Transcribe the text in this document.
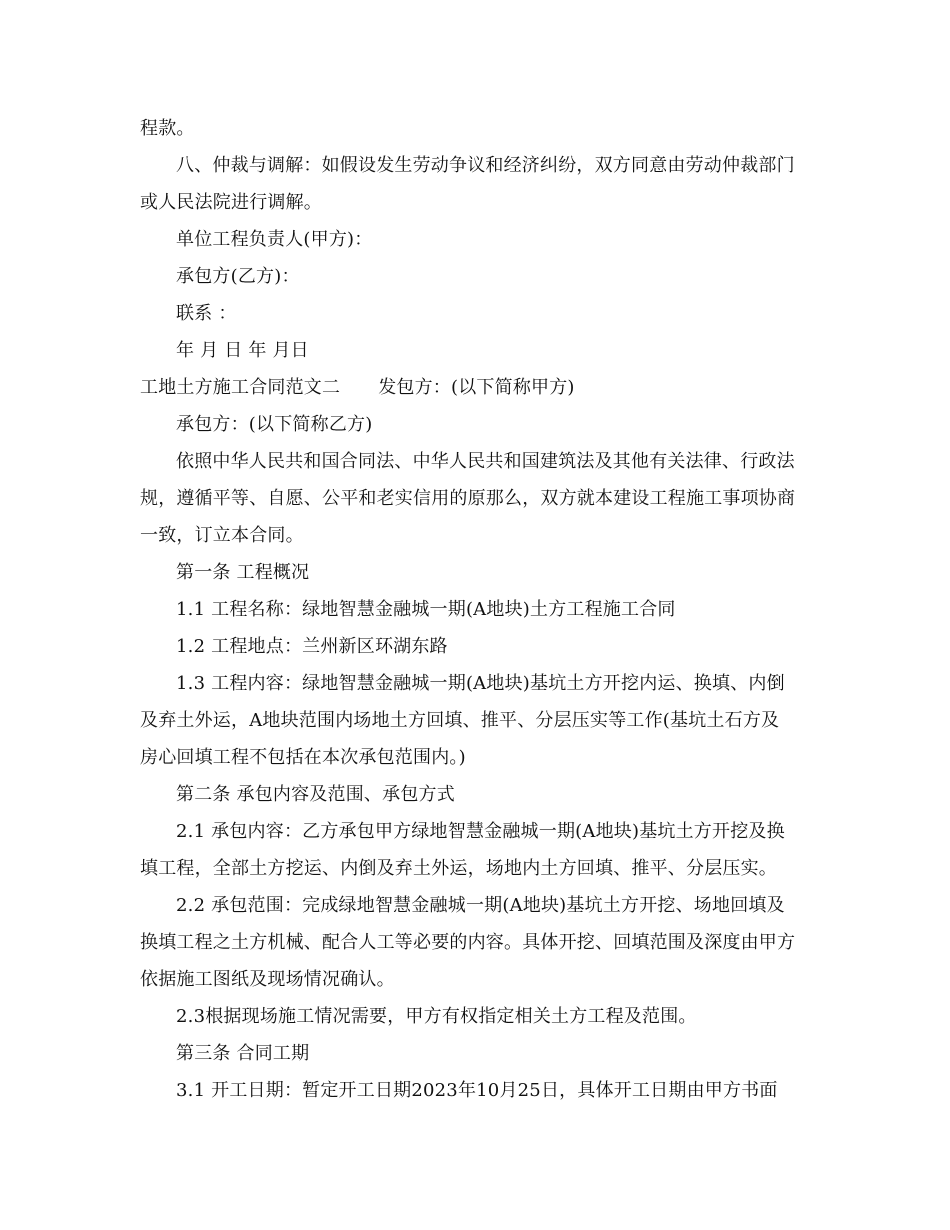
程款。
八、仲裁与调解：如假设发生劳动争议和经济纠纷，双方同意由劳动仲裁部门
或人民法院进行调解。
单位工程负责人(甲方)：
承包方(乙方)：
联系 ：
年 月 日 年 月日
工地土方施工合同范文二 发包方：(以下简称甲方)
承包方：(以下简称乙方)
依照中华人民共和国合同法、中华人民共和国建筑法及其他有关法律、行政法
规，遵循平等、自愿、公平和老实信用的原那么，双方就本建设工程施工事项协商
一致，订立本合同。
第一条 工程概况
1.1 工程名称：绿地智慧金融城一期(A地块)土方工程施工合同
1.2 工程地点：兰州新区环湖东路
1.3 工程内容：绿地智慧金融城一期(A地块)基坑土方开挖内运、换填、内倒
及弃土外运，A地块范围内场地土方回填、推平、分层压实等工作(基坑土石方及
房心回填工程不包括在本次承包范围内。)
第二条 承包内容及范围、承包方式
2.1 承包内容：乙方承包甲方绿地智慧金融城一期(A地块)基坑土方开挖及换
填工程，全部土方挖运、内倒及弃土外运，场地内土方回填、推平、分层压实。
2.2 承包范围：完成绿地智慧金融城一期(A地块)基坑土方开挖、场地回填及
换填工程之土方机械、配合人工等必要的内容。具体开挖、回填范围及深度由甲方
依据施工图纸及现场情况确认。
2.3根据现场施工情况需要，甲方有权指定相关土方工程及范围。
第三条 合同工期
3.1 开工日期：暂定开工日期2023年10月25日，具体开工日期由甲方书面
